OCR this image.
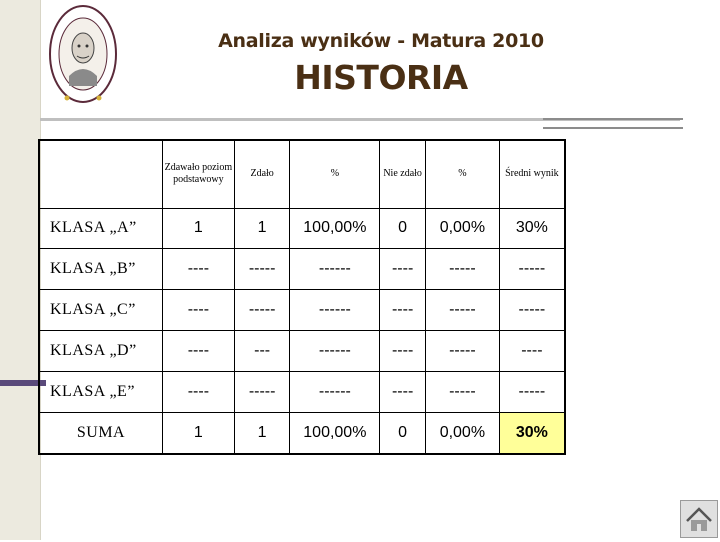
Analiza wyników - Matura 2010
HISTORIA
	Zdawało poziom podstawowy	Zdało	%	Nie zdało	%	Średni wynik
KLASA „A”	1	1	100,00%	0	0,00%	30%
KLASA „B”	----	-----	------	----	-----	-----
KLASA „C”	----	-----	------	----	-----	-----
KLASA „D”	----	---	------	----	-----	----
KLASA „E”	----	-----	------	----	-----	-----
SUMA	1	1	100,00%	0	0,00%	30%
